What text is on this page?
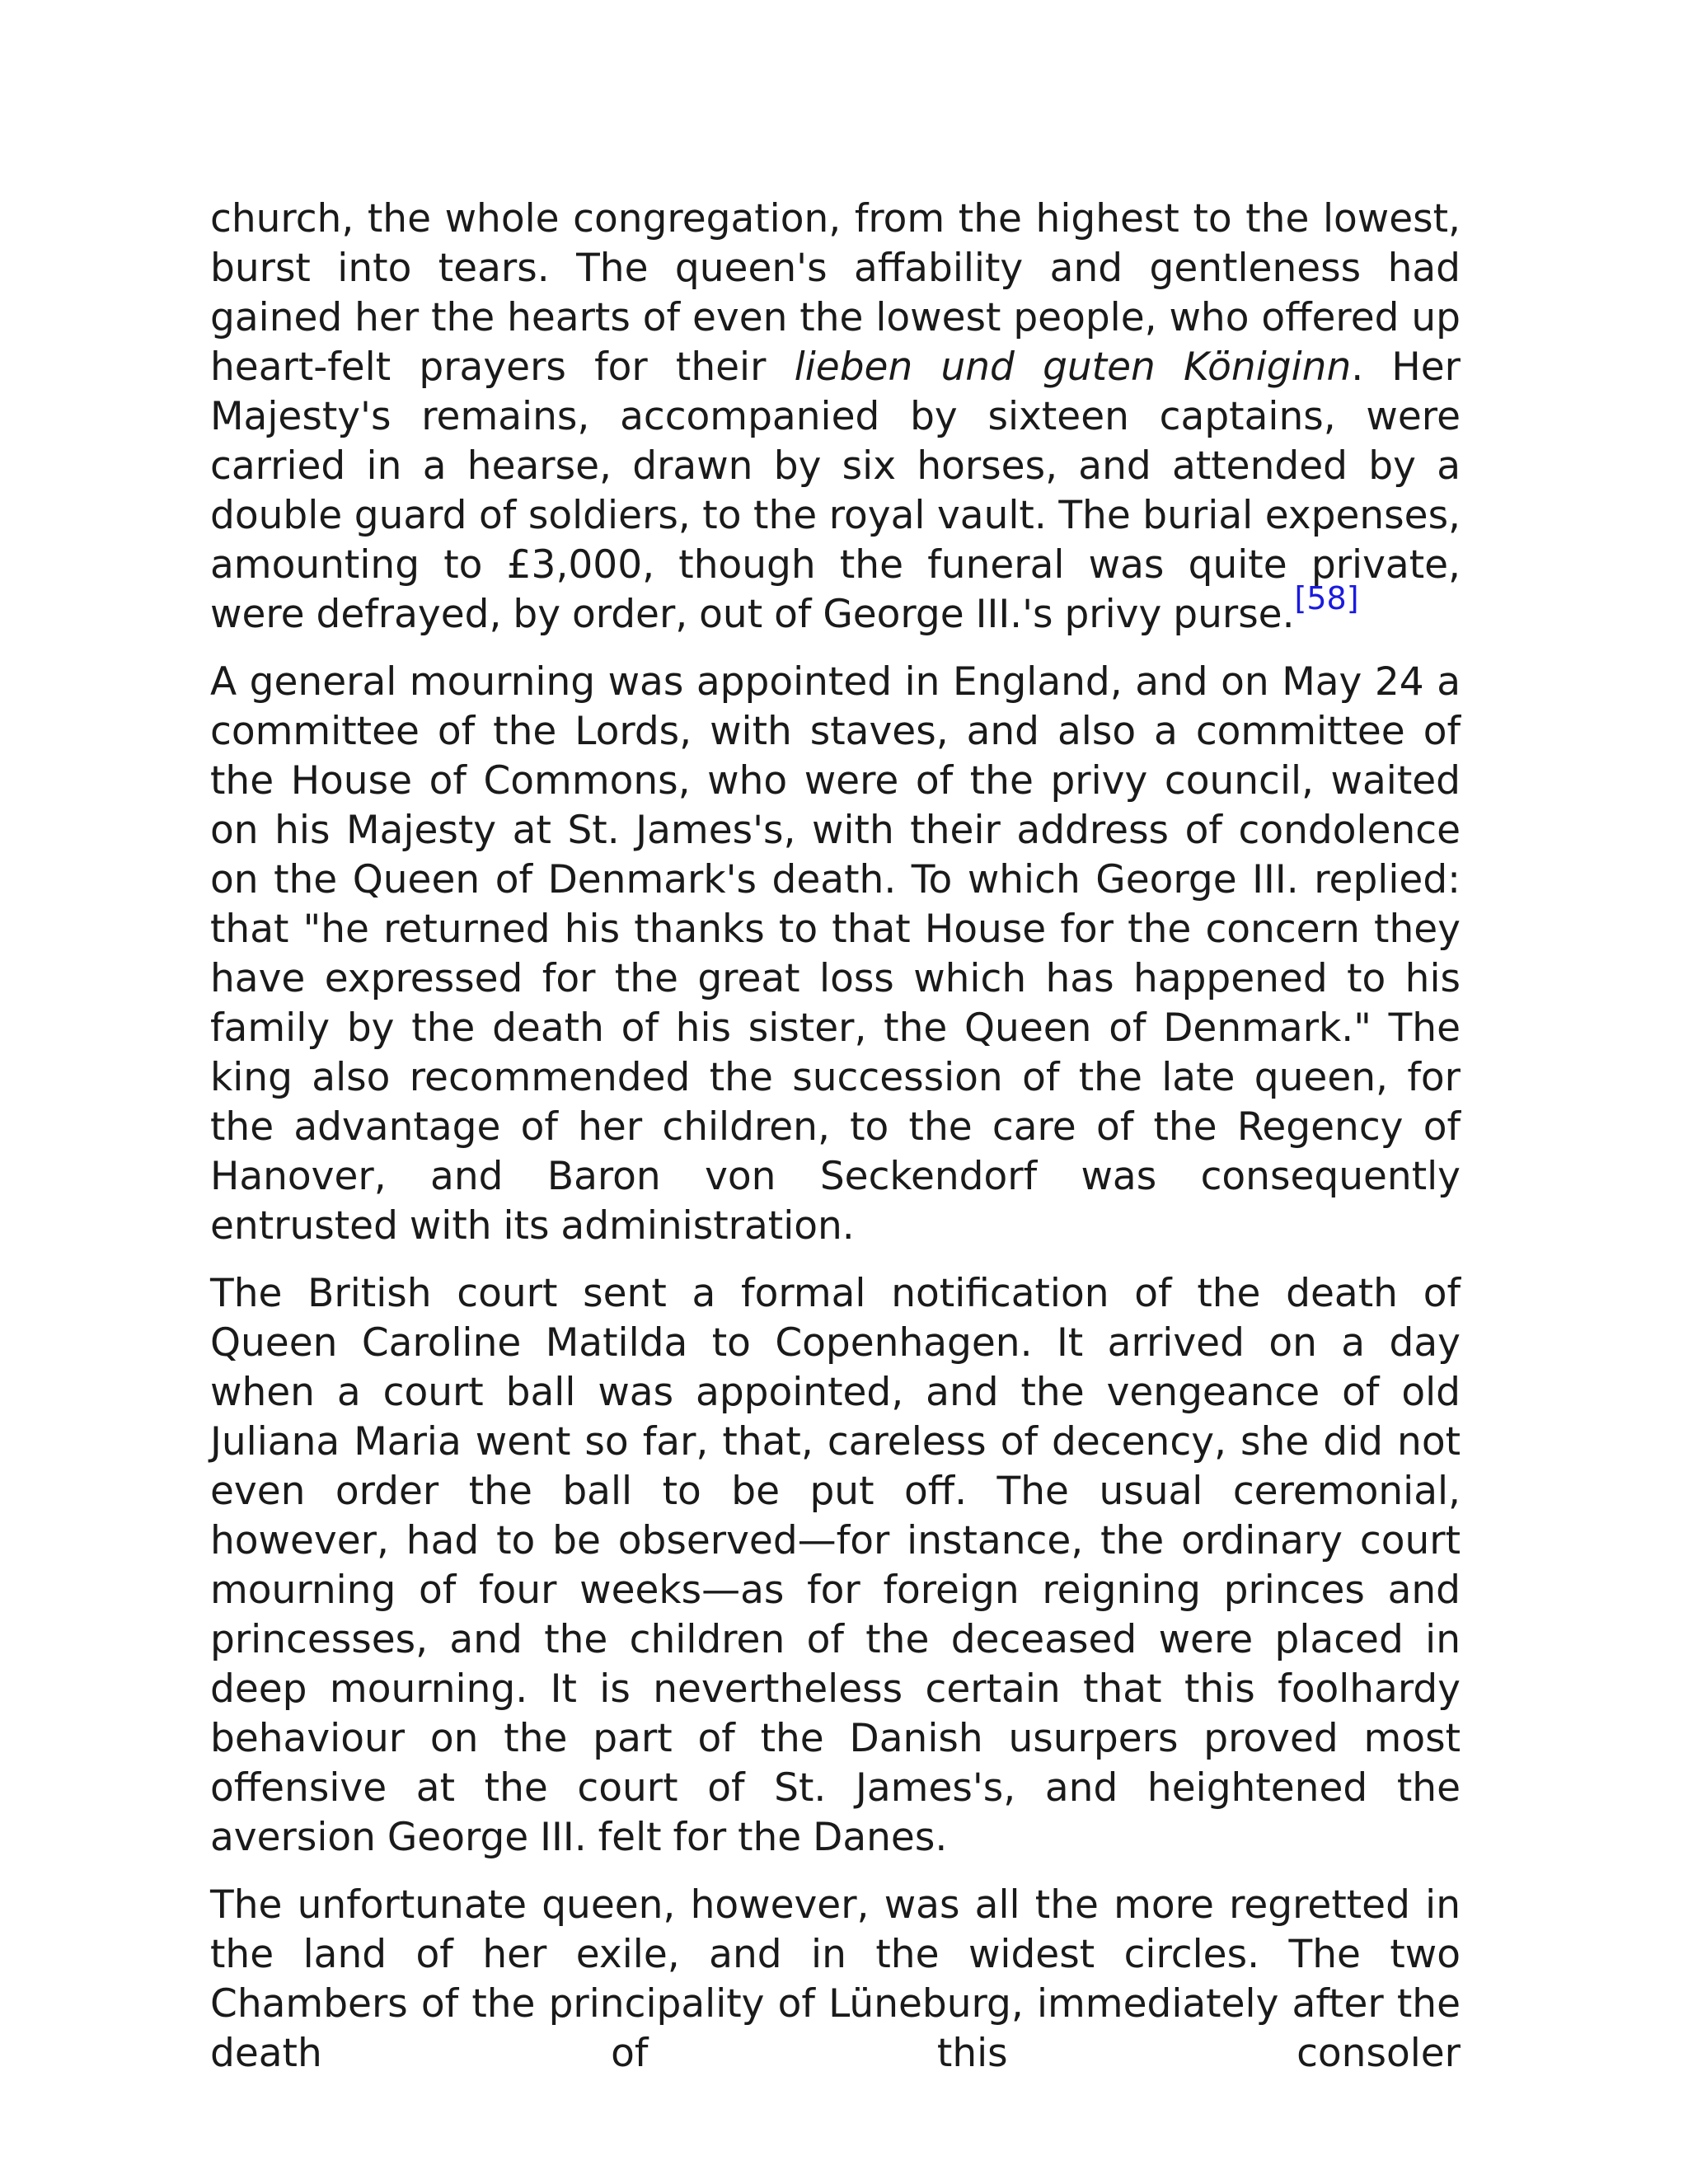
church, the whole congregation, from the highest to the lowest, burst into tears. The queen's affability and gentleness had gained her the hearts of even the lowest people, who offered up heart-felt prayers for their lieben und guten Königinn. Her Majesty's remains, accompanied by sixteen captains, were carried in a hearse, drawn by six horses, and attended by a double guard of soldiers, to the royal vault. The burial expenses, amounting to £3,000, though the funeral was quite private, were defrayed, by order, out of George III.'s privy purse.[58]

A general mourning was appointed in England, and on May 24 a committee of the Lords, with staves, and also a committee of the House of Commons, who were of the privy council, waited on his Majesty at St. James's, with their address of condolence on the Queen of Denmark's death. To which George III. replied: that "he returned his thanks to that House for the concern they have expressed for the great loss which has happened to his family by the death of his sister, the Queen of Denmark." The king also recommended the succession of the late queen, for the advantage of her children, to the care of the Regency of Hanover, and Baron von Seckendorf was consequently entrusted with its administration.

The British court sent a formal notification of the death of Queen Caroline Matilda to Copenhagen. It arrived on a day when a court ball was appointed, and the vengeance of old Juliana Maria went so far, that, careless of decency, she did not even order the ball to be put off. The usual ceremonial, however, had to be observed—for instance, the ordinary court mourning of four weeks—as for foreign reigning princes and princesses, and the children of the deceased were placed in deep mourning. It is nevertheless certain that this foolhardy behaviour on the part of the Danish usurpers proved most offensive at the court of St. James's, and heightened the aversion George III. felt for the Danes.

The unfortunate queen, however, was all the more regretted in the land of her exile, and in the widest circles. The two Chambers of the principality of Lüneburg, immediately after the death of this consoler
